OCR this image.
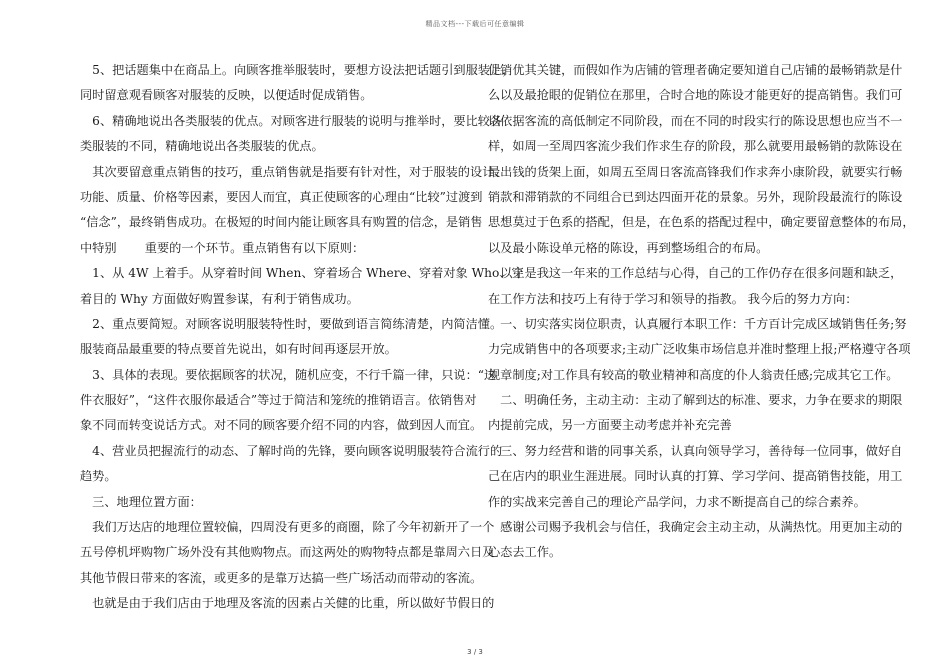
精品文档---下载后可任意编辑
　5、把话题集中在商品上。向顾客推举服装时，要想方设法把话题引到服装上，
同时留意观看顾客对服装的反映，以便适时促成销售。
　6、精确地说出各类服装的优点。对顾客进行服装的说明与推举时，要比较各
类服装的不同，精确地说出各类服装的优点。
　其次要留意重点销售的技巧，重点销售就是指要有针对性，对于服装的设计、
功能、质量、价格等因素，要因人而宜，真正使顾客的心理由“比较”过渡到
“信念”，最终销售成功。在极短的时间内能让顾客具有购置的信念，是销售
中特别　　 重要的一个环节。重点销售有以下原则：
　1、从 4W 上着手。从穿着时间 When、穿着场合 Where、穿着对象 Who、穿
着目的 Why 方面做好购置参谋，有利于销售成功。
　2、重点要简短。对顾客说明服装特性时，要做到语言简练清楚，内简洁懂。
服装商品最重要的特点要首先说出，如有时间再逐层开放。
　3、具体的表现。要依据顾客的状况，随机应变，不行千篇一律，只说：“这
件衣服好”，“这件衣服你最适合”等过于简洁和笼统的推销语言。依销售对
象不同而转变说话方式。对不同的顾客要介绍不同的内容，做到因人而宜。
　4、营业员把握流行的动态、了解时尚的先锋，要向顾客说明服装符合流行的
趋势。
　三、地理位置方面：
　我们万达店的地理位置较偏，四周没有更多的商圈，除了今年初新开了一个
五号停机坪购物广场外没有其他购物点。而这两处的购物特点都是靠周六日及
其他节假日带来的客流，或更多的是靠万达搞一些广场活动而带动的客流。
　也就是由于我们店由于地理及客流的因素占关健的比重，所以做好节假日的
促销优其关键，而假如作为店铺的管理者确定要知道自己店铺的最畅销款是什
么以及最抢眼的促销位在那里，合时合地的陈设才能更好的提高销售。我们可
以依据客流的高低制定不同阶段，而在不同的时段实行的陈设思想也应当不一
样，如周一至周四客流少我们作求生存的阶段，那么就要用最畅销的款陈设在
最出钱的货架上面，如周五至周日客流高锋我们作求奔小康阶段，就要实行畅
销款和滞销款的不同组合已到达四面开花的景象。另外，现阶段最流行的陈设
思想莫过于色系的搭配，但是，在色系的搭配过程中，确定要留意整体的布局，
以及最小陈设单元格的陈设，再到整场组合的布局。
　以上是我这一年来的工作总结与心得，自己的工作仍存在很多问题和缺乏，
在工作方法和技巧上有待于学习和领导的指教。 我今后的努力方向：
　一、切实落实岗位职责，认真履行本职工作：千方百计完成区域销售任务;努
力完成销售中的各项要求;主动广泛收集市场信息并准时整理上报;严格遵守各项
规章制度;对工作具有较高的敬业精神和高度的仆人翁责任感;完成其它工作。
　二、明确任务，主动主动：主动了解到达的标准、要求，力争在要求的期限
内提前完成，另一方面要主动考虑并补充完善
　三、努力经营和谐的同事关系，认真向领导学习，善待每一位同事，做好自
己在店内的职业生涯进展。同时认真的打算、学习学问、提高销售技能，用工
作的实战来完善自己的理论产品学问，力求不断提高自己的综合素养。
　感谢公司赐予我机会与信任，我确定会主动主动，从满热忱。用更加主动的
心态去工作。
3 / 3
